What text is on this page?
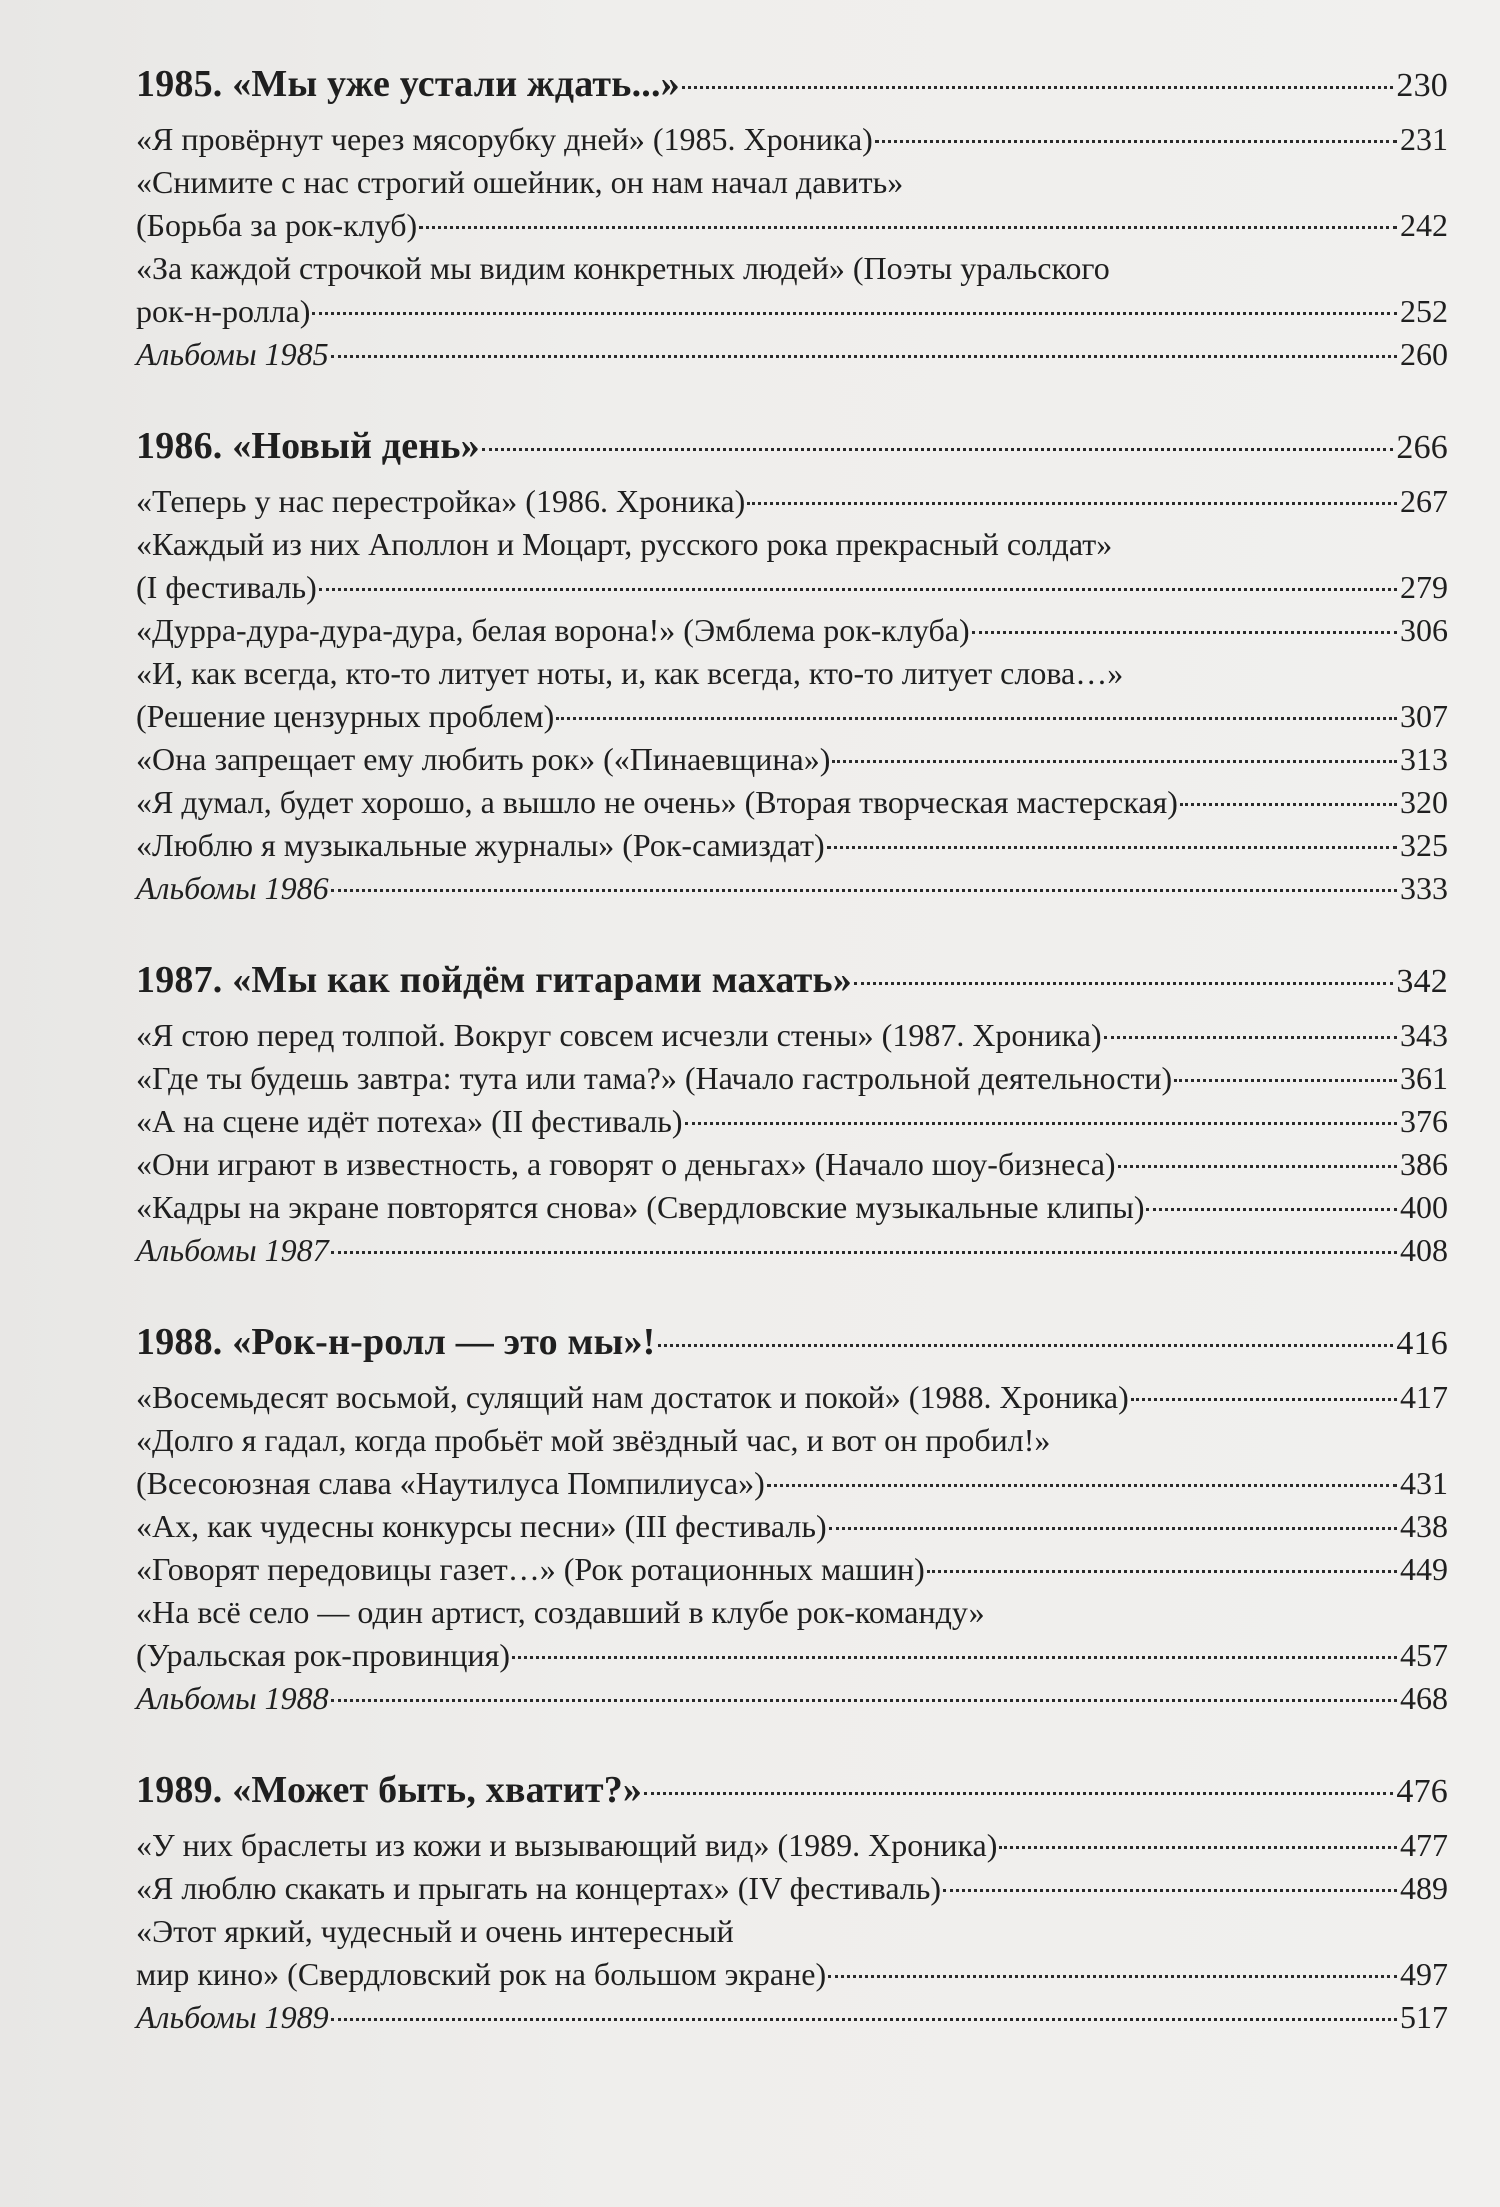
1985. «Мы уже устали ждать...»	230
«Я провёрнут через мясорубку дней» (1985. Хроника)	231
«Снимите с нас строгий ошейник, он нам начал давить»
(Борьба за рок-клуб)	242
«За каждой строчкой мы видим конкретных людей» (Поэты уральского
рок-н-ролла)	252
Альбомы 1985	260
1986. «Новый день»	266
«Теперь у нас перестройка» (1986. Хроника)	267
«Каждый из них Аполлон и Моцарт, русского рока прекрасный солдат»
(I фестиваль)	279
«Дурра-дура-дура-дура, белая ворона!» (Эмблема рок-клуба)	306
«И, как всегда, кто-то литует ноты, и, как всегда, кто-то литует слова…»
(Решение цензурных проблем)	307
«Она запрещает ему любить рок» («Пинаевщина»)	313
«Я думал, будет хорошо, а вышло не очень» (Вторая творческая мастерская)	320
«Люблю я музыкальные журналы» (Рок-самиздат)	325
Альбомы 1986	333
1987. «Мы как пойдём гитарами махать»	342
«Я стою перед толпой. Вокруг совсем исчезли стены» (1987. Хроника)	343
«Где ты будешь завтра: тута или тама?» (Начало гастрольной деятельности)	361
«А на сцене идёт потеха» (II фестиваль)	376
«Они играют в известность, а говорят о деньгах» (Начало шоу-бизнеса)	386
«Кадры на экране повторятся снова» (Свердловские музыкальные клипы)	400
Альбомы 1987	408
1988. «Рок-н-ролл — это мы»!	416
«Восемьдесят восьмой, сулящий нам достаток и покой» (1988. Хроника)	417
«Долго я гадал, когда пробьёт мой звёздный час, и вот он пробил!»
(Всесоюзная слава «Наутилуса Помпилиуса»)	431
«Ах, как чудесны конкурсы песни» (III фестиваль)	438
«Говорят передовицы газет…» (Рок ротационных машин)	449
«На всё село — один артист, создавший в клубе рок-команду»
(Уральская рок-провинция)	457
Альбомы 1988	468
1989. «Может быть, хватит?»	476
«У них браслеты из кожи и вызывающий вид» (1989. Хроника)	477
«Я люблю скакать и прыгать на концертах» (IV фестиваль)	489
«Этот яркий, чудесный и очень интересный
мир кино» (Свердловский рок на большом экране)	497
Альбомы 1989	517
